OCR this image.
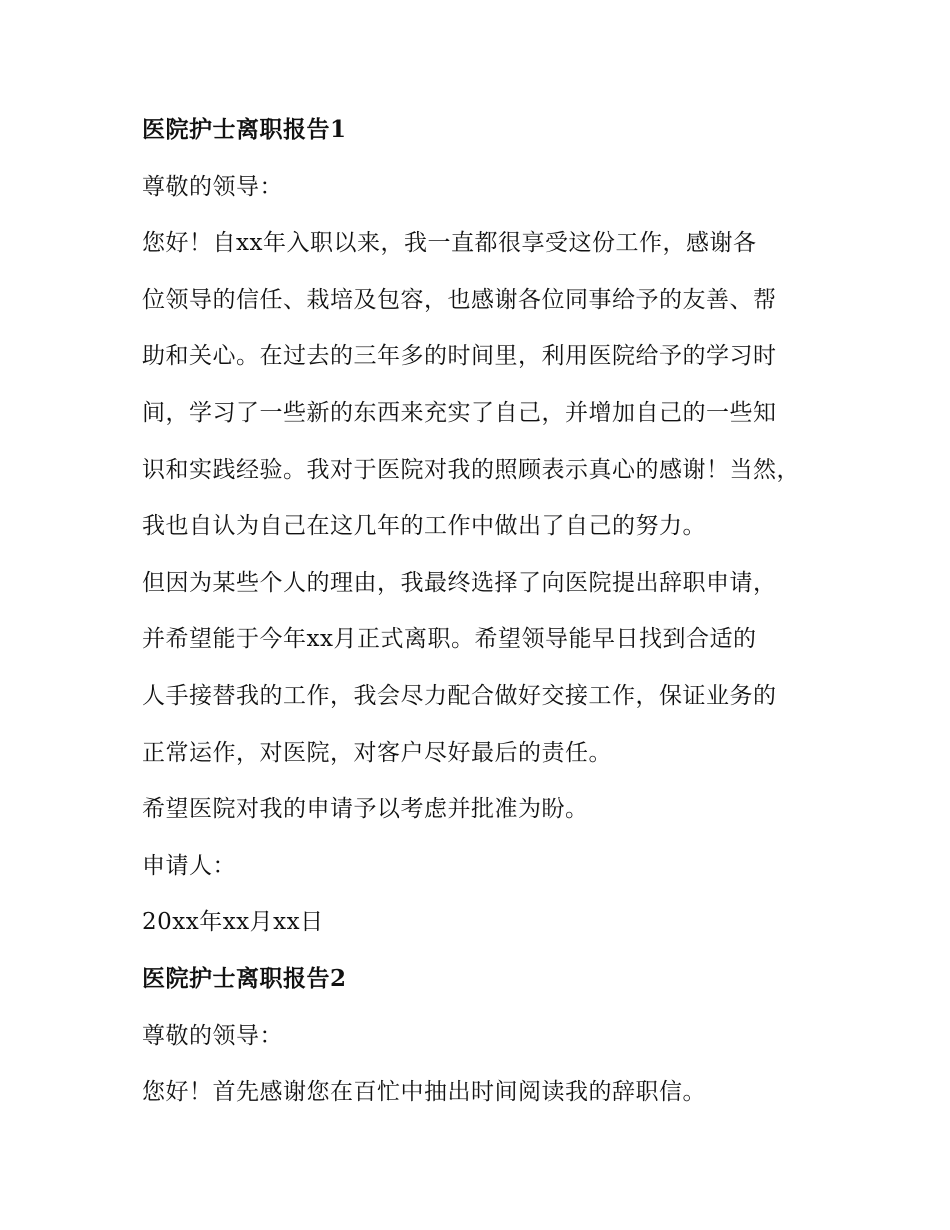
医院护士离职报告1
尊敬的领导：
您好！自xx年入职以来，我一直都很享受这份工作，感谢各
位领导的信任、栽培及包容，也感谢各位同事给予的友善、帮
助和关心。在过去的三年多的时间里，利用医院给予的学习时
间，学习了一些新的东西来充实了自己，并增加自己的一些知
识和实践经验。我对于医院对我的照顾表示真心的感谢！当然，
我也自认为自己在这几年的工作中做出了自己的努力。
但因为某些个人的理由，我最终选择了向医院提出辞职申请，
并希望能于今年xx月正式离职。希望领导能早日找到合适的
人手接替我的工作，我会尽力配合做好交接工作，保证业务的
正常运作，对医院，对客户尽好最后的责任。
希望医院对我的申请予以考虑并批准为盼。
申请人：
20xx年xx月xx日
医院护士离职报告2
尊敬的领导：
您好！首先感谢您在百忙中抽出时间阅读我的辞职信。
